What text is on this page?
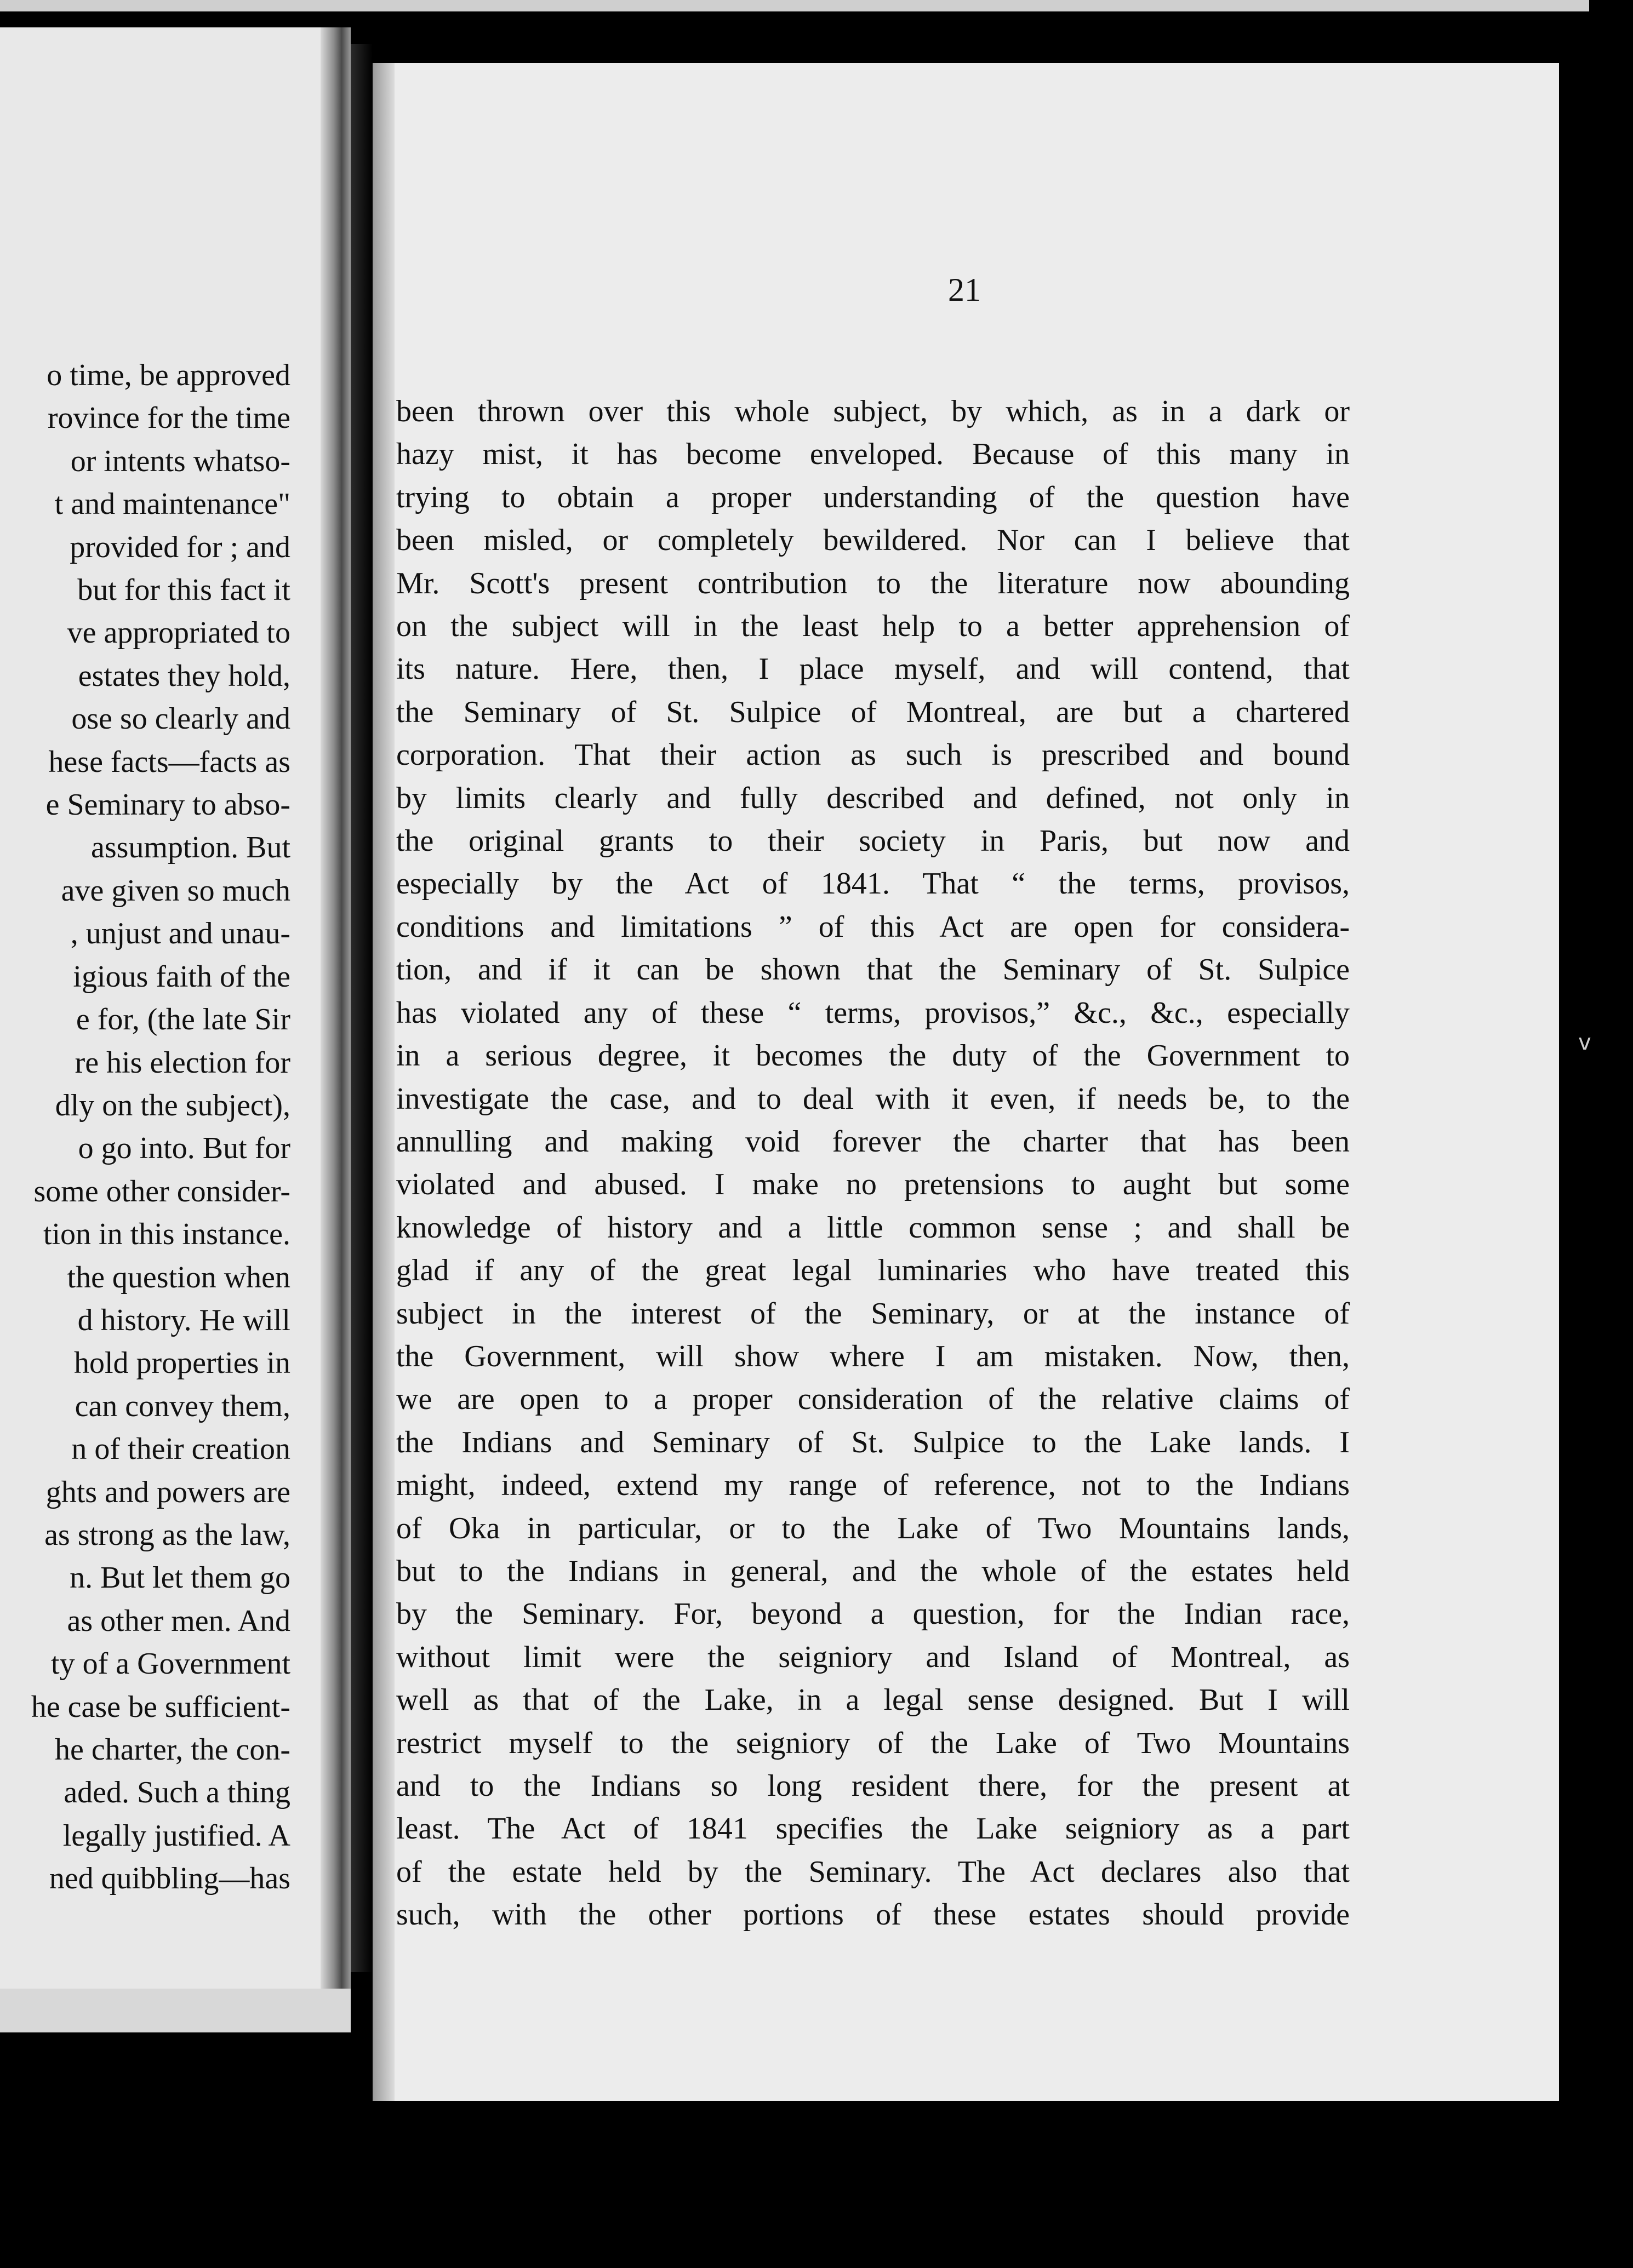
o time, be approved
rovince for the time
or intents whatso-
t and maintenance"
provided for ; and
but for this fact it
ve appropriated to
estates they hold,
ose so clearly and
hese facts—facts as
e Seminary to abso-
assumption. But
ave given so much
, unjust and unau-
igious faith of the
e for, (the late Sir
re his election for
dly on the subject),
o go into. But for
some other consider-
tion in this instance.
the question when
d history. He will
hold properties in
can convey them,
n of their creation
ghts and powers are
as strong as the law,
n. But let them go
as other men. And
ty of a Government
he case be sufficient-
he charter, the con-
aded. Such a thing
legally justified. A
ned quibbling—has
21
been thrown over this whole subject, by which, as in a dark or
hazy mist, it has become enveloped. Because of this many in
trying to obtain a proper understanding of the question have
been misled, or completely bewildered. Nor can I believe that
Mr. Scott's present contribution to the literature now abounding
on the subject will in the least help to a better apprehension of
its nature. Here, then, I place myself, and will contend, that
the Seminary of St. Sulpice of Montreal, are but a chartered
corporation. That their action as such is prescribed and bound
by limits clearly and fully described and defined, not only in
the original grants to their society in Paris, but now and
especially by the Act of 1841. That “ the terms, provisos,
conditions and limitations ” of this Act are open for considera-
tion, and if it can be shown that the Seminary of St. Sulpice
has violated any of these “ terms, provisos,” &c., &c., especially
in a serious degree, it becomes the duty of the Government to
investigate the case, and to deal with it even, if needs be, to the
annulling and making void forever the charter that has been
violated and abused. I make no pretensions to aught but some
knowledge of history and a little common sense ; and shall be
glad if any of the great legal luminaries who have treated this
subject in the interest of the Seminary, or at the instance of
the Government, will show where I am mistaken. Now, then,
we are open to a proper consideration of the relative claims of
the Indians and Seminary of St. Sulpice to the Lake lands. I
might, indeed, extend my range of reference, not to the Indians
of Oka in particular, or to the Lake of Two Mountains lands,
but to the Indians in general, and the whole of the estates held
by the Seminary. For, beyond a question, for the Indian race,
without limit were the seigniory and Island of Montreal, as
well as that of the Lake, in a legal sense designed. But I will
restrict myself to the seigniory of the Lake of Two Mountains
and to the Indians so long resident there, for the present at
least. The Act of 1841 specifies the Lake seigniory as a part
of the estate held by the Seminary. The Act declares also that
such, with the other portions of these estates should provide
v
